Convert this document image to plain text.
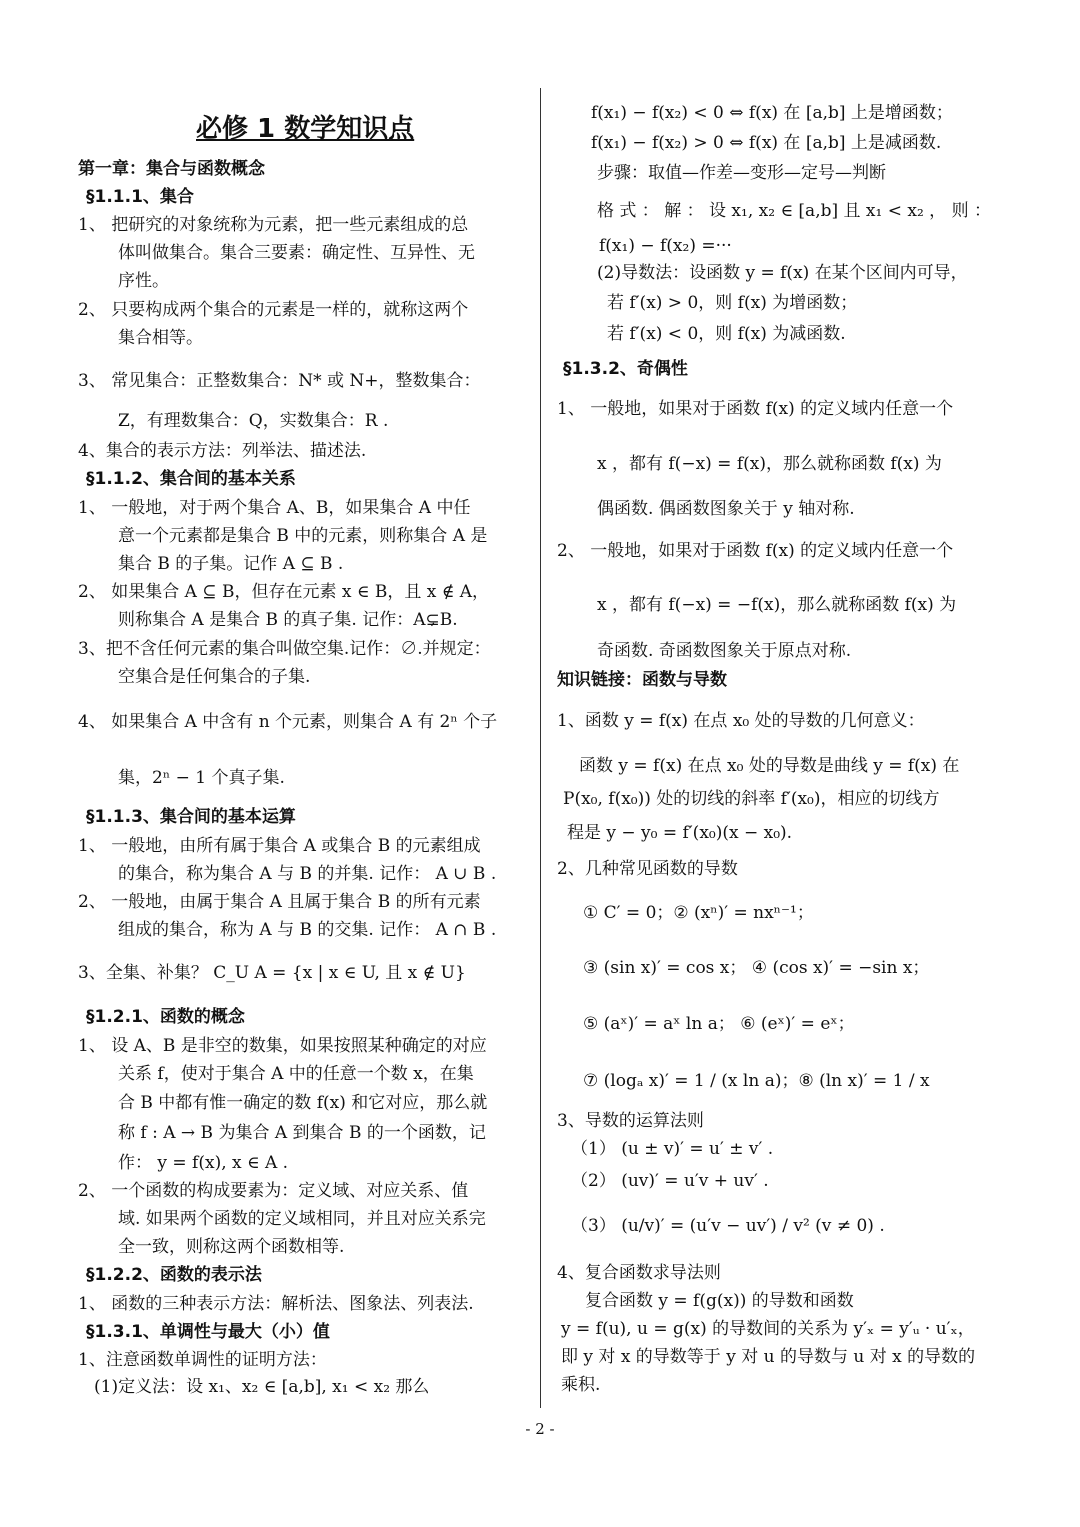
必修 1 数学知识点
第一章：集合与函数概念
§1.1.1、集合
1、 把研究的对象统称为元素，把一些元素组成的总
体叫做集合。集合三要素：确定性、互异性、无
序性。
2、 只要构成两个集合的元素是一样的，就称这两个
集合相等。
3、 常见集合：正整数集合：N* 或 N+，整数集合：
Z，有理数集合：Q，实数集合：R .
4、集合的表示方法：列举法、描述法.
§1.1.2、集合间的基本关系
1、 一般地，对于两个集合 A、B，如果集合 A 中任
意一个元素都是集合 B 中的元素，则称集合 A 是
集合 B 的子集。记作 A ⊆ B .
2、 如果集合 A ⊆ B，但存在元素 x ∈ B，且 x ∉ A，
则称集合 A 是集合 B 的真子集. 记作：A⊊B.
3、把不含任何元素的集合叫做空集.记作：∅.并规定：
空集合是任何集合的子集.
4、 如果集合 A 中含有 n 个元素，则集合 A 有 2ⁿ 个子
集，2ⁿ − 1 个真子集.
§1.1.3、集合间的基本运算
1、 一般地，由所有属于集合 A 或集合 B 的元素组成
的集合，称为集合 A 与 B 的并集. 记作： A ∪ B .
2、 一般地，由属于集合 A 且属于集合 B 的所有元素
组成的集合，称为 A 与 B 的交集. 记作： A ∩ B .
3、全集、补集？ C_U A = {x | x ∈ U, 且 x ∉ U}
§1.2.1、函数的概念
1、 设 A、B 是非空的数集，如果按照某种确定的对应
关系 f，使对于集合 A 中的任意一个数 x，在集
合 B 中都有惟一确定的数 f(x) 和它对应，那么就
称 f : A → B 为集合 A 到集合 B 的一个函数，记
作： y = f(x), x ∈ A .
2、 一个函数的构成要素为：定义域、对应关系、值
域. 如果两个函数的定义域相同，并且对应关系完
全一致，则称这两个函数相等.
§1.2.2、函数的表示法
1、 函数的三种表示方法：解析法、图象法、列表法.
§1.3.1、单调性与最大（小）值
1、注意函数单调性的证明方法：
(1)定义法：设 x₁、x₂ ∈ [a,b], x₁ < x₂ 那么
f(x₁) − f(x₂) < 0 ⇔ f(x) 在 [a,b] 上是增函数；
f(x₁) − f(x₂) > 0 ⇔ f(x) 在 [a,b] 上是减函数.
步骤：取值—作差—变形—定号—判断
格 式 ： 解 ： 设 x₁, x₂ ∈ [a,b] 且 x₁ < x₂ ， 则 ：
f(x₁) − f(x₂) =···
(2)导数法：设函数 y = f(x) 在某个区间内可导，
若 f′(x) > 0，则 f(x) 为增函数；
若 f′(x) < 0，则 f(x) 为减函数.
§1.3.2、奇偶性
1、 一般地，如果对于函数 f(x) 的定义域内任意一个
x ，都有 f(−x) = f(x)，那么就称函数 f(x) 为
偶函数. 偶函数图象关于 y 轴对称.
2、 一般地，如果对于函数 f(x) 的定义域内任意一个
x ，都有 f(−x) = −f(x)，那么就称函数 f(x) 为
奇函数. 奇函数图象关于原点对称.
知识链接：函数与导数
1、函数 y = f(x) 在点 x₀ 处的导数的几何意义：
函数 y = f(x) 在点 x₀ 处的导数是曲线 y = f(x) 在
P(x₀, f(x₀)) 处的切线的斜率 f′(x₀)，相应的切线方
程是 y − y₀ = f′(x₀)(x − x₀).
2、几种常见函数的导数
① C′ = 0；② (xⁿ)′ = nxⁿ⁻¹；
③ (sin x)′ = cos x； ④ (cos x)′ = −sin x；
⑤ (aˣ)′ = aˣ ln a； ⑥ (eˣ)′ = eˣ；
⑦ (logₐ x)′ = 1 / (x ln a)；⑧ (ln x)′ = 1 / x
3、导数的运算法则
（1） (u ± v)′ = u′ ± v′ .
（2） (uv)′ = u′v + uv′ .
（3） (u/v)′ = (u′v − uv′) / v² (v ≠ 0) .
4、复合函数求导法则
复合函数 y = f(g(x)) 的导数和函数
y = f(u), u = g(x) 的导数间的关系为 y′ₓ = y′ᵤ · u′ₓ，
即 y 对 x 的导数等于 y 对 u 的导数与 u 对 x 的导数的
乘积.
- 2 -
